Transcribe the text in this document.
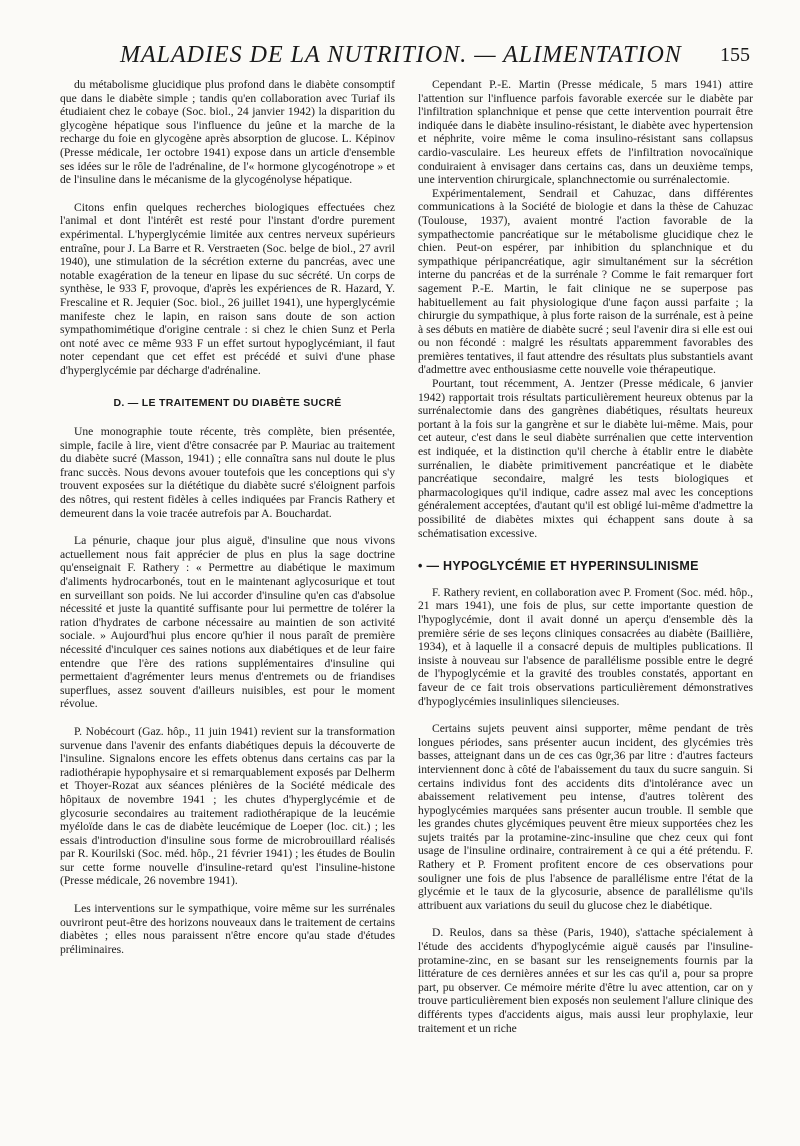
MALADIES DE LA NUTRITION. — ALIMENTATION 155

du métabolisme glucidique plus profond dans le diabète consomptif que dans le diabète simple ; tandis qu'en collaboration avec Turiaf ils étudiaient chez le cobaye (Soc. biol., 24 janvier 1942) la disparition du glycogène hépatique sous l'influence du jeûne et la marche de la recharge du foie en glycogène après absorption de glucose. L. Képinov (Presse médicale, 1er octobre 1941) expose dans un article d'ensemble ses idées sur le rôle de l'adrénaline, de l'« hormone glycogénotrope » et de l'insuline dans le mécanisme de la glycogénolyse hépatique.

Citons enfin quelques recherches biologiques effectuées chez l'animal et dont l'intérêt est resté pour l'instant d'ordre purement expérimental. L'hyperglycémie limitée aux centres nerveux supérieurs entraîne, pour J. La Barre et R. Verstraeten (Soc. belge de biol., 27 avril 1940), une stimulation de la sécrétion externe du pancréas, avec une notable exagération de la teneur en lipase du suc sécrété. Un corps de synthèse, le 933 F, provoque, d'après les expériences de R. Hazard, Y. Frescaline et R. Jequier (Soc. biol., 26 juillet 1941), une hyperglycémie manifeste chez le lapin, en raison sans doute de son action sympathomimétique d'origine centrale : si chez le chien Sunz et Perla ont noté avec ce même 933 F un effet surtout hypoglycémiant, il faut noter cependant que cet effet est précédé et suivi d'une phase d'hyperglycémie par décharge d'adrénaline.

D. — LE TRAITEMENT DU DIABÈTE SUCRÉ

Une monographie toute récente, très complète, bien présentée, simple, facile à lire, vient d'être consacrée par P. Mauriac au traitement du diabète sucré (Masson, 1941) ; elle connaîtra sans nul doute le plus franc succès. Nous devons avouer toutefois que les conceptions qui s'y trouvent exposées sur la diététique du diabète sucré s'éloignent parfois des nôtres, qui restent fidèles à celles indiquées par Francis Rathery et demeurent dans la voie tracée autrefois par A. Bouchardat.

La pénurie, chaque jour plus aiguë, d'insuline que nous vivons actuellement nous fait apprécier de plus en plus la sage doctrine qu'enseignait F. Rathery : « Permettre au diabétique le maximum d'aliments hydrocarbonés, tout en le maintenant aglycosurique et tout en surveillant son poids. Ne lui accorder d'insuline qu'en cas d'absolue nécessité et juste la quantité suffisante pour lui permettre de tolérer la ration d'hydrates de carbone nécessaire au maintien de son activité sociale. » Aujourd'hui plus encore qu'hier il nous paraît de première nécessité d'inculquer ces saines notions aux diabétiques et de leur faire entendre que l'ère des rations supplémentaires d'insuline qui permettaient d'agrémenter leurs menus d'entremets ou de friandises superflues, assez souvent d'ailleurs nuisibles, est pour le moment révolue.

P. Nobécourt (Gaz. hôp., 11 juin 1941) revient sur la transformation survenue dans l'avenir des enfants diabétiques depuis la découverte de l'insuline. Signalons encore les effets obtenus dans certains cas par la radiothérapie hypophysaire et si remarquablement exposés par Delherm et Thoyer-Rozat aux séances plénières de la Société médicale des hôpitaux de novembre 1941 ; les chutes d'hyperglycémie et de glycosurie secondaires au traitement radiothérapique de la leucémie myéloïde dans le cas de diabète leucémique de Loeper (loc. cit.) ; les essais d'introduction d'insuline sous forme de microbrouillard réalisés par R. Kourilski (Soc. méd. hôp., 21 février 1941) ; les études de Boulin sur cette forme nouvelle d'insuline-retard qu'est l'insuline-histone (Presse médicale, 26 novembre 1941).

Les interventions sur le sympathique, voire même sur les surrénales ouvriront peut-être des horizons nouveaux dans le traitement de certains diabètes ; elles nous paraissent n'être encore qu'au stade d'études préliminaires.

Cependant P.-E. Martin (Presse médicale, 5 mars 1941) attire l'attention sur l'influence parfois favorable exercée sur le diabète par l'infiltration splanchnique et pense que cette intervention pourrait être indiquée dans le diabète insulino-résistant, le diabète avec hypertension et néphrite, voire même le coma insulino-résistant sans collapsus cardio-vasculaire. Les heureux effets de l'infiltration novocaïnique conduiraient à envisager dans certains cas, dans un deuxième temps, une intervention chirurgicale, splanchnectomie ou surrénalectomie.

Expérimentalement, Sendrail et Cahuzac, dans différentes communications à la Société de biologie et dans la thèse de Cahuzac (Toulouse, 1937), avaient montré l'action favorable de la sympathectomie pancréatique sur le métabolisme glucidique chez le chien. Peut-on espérer, par inhibition du splanchnique et du sympathique péripancréatique, agir simultanément sur la sécrétion interne du pancréas et de la surrénale ? Comme le fait remarquer fort sagement P.-E. Martin, le fait clinique ne se superpose pas habituellement au fait physiologique d'une façon aussi parfaite ; la chirurgie du sympathique, à plus forte raison de la surrénale, est à peine à ses débuts en matière de diabète sucré ; seul l'avenir dira si elle est oui ou non fécondé : malgré les résultats apparemment favorables des premières tentatives, il faut attendre des résultats plus substantiels avant d'admettre avec enthousiasme cette nouvelle voie thérapeutique.

Pourtant, tout récemment, A. Jentzer (Presse médicale, 6 janvier 1942) rapportait trois résultats particulièrement heureux obtenus par la surrénalectomie dans des gangrènes diabétiques, résultats heureux portant à la fois sur la gangrène et sur le diabète lui-même. Mais, pour cet auteur, c'est dans le seul diabète surrénalien que cette intervention est indiquée, et la distinction qu'il cherche à établir entre le diabète surrénalien, le diabète primitivement pancréatique et le diabète pancréatique secondaire, malgré les tests biologiques et pharmacologiques qu'il indique, cadre assez mal avec les conceptions généralement acceptées, d'autant qu'il est obligé lui-même d'admettre la possibilité de diabètes mixtes qui échappent sans doute à sa schématisation excessive.

• — HYPOGLYCÉMIE ET HYPERINSULINISME

F. Rathery revient, en collaboration avec P. Froment (Soc. méd. hôp., 21 mars 1941), une fois de plus, sur cette importante question de l'hypoglycémie, dont il avait donné un aperçu d'ensemble dès la première série de ses leçons cliniques consacrées au diabète (Baillière, 1934), et à laquelle il a consacré depuis de multiples publications. Il insiste à nouveau sur l'absence de parallélisme possible entre le degré de l'hypoglycémie et la gravité des troubles constatés, apportant en faveur de ce fait trois observations particulièrement démonstratives d'hypoglycémies insulinliques silencieuses.

Certains sujets peuvent ainsi supporter, même pendant de très longues périodes, sans présenter aucun incident, des glycémies très basses, atteignant dans un de ces cas 0gr,36 par litre : d'autres facteurs interviennent donc à côté de l'abaissement du taux du sucre sanguin. Si certains individus font des accidents dits d'intolérance avec un abaissement relativement peu intense, d'autres tolèrent des hypoglycémies marquées sans présenter aucun trouble. Il semble que les grandes chutes glycémiques peuvent être mieux supportées chez les sujets traités par la protamine-zinc-insuline que chez ceux qui font usage de l'insuline ordinaire, contrairement à ce qui a été prétendu. F. Rathery et P. Froment profitent encore de ces observations pour souligner une fois de plus l'absence de parallélisme entre l'état de la glycémie et le taux de la glycosurie, absence de parallélisme qu'ils attribuent aux variations du seuil du glucose chez le diabétique.

D. Reulos, dans sa thèse (Paris, 1940), s'attache spécialement à l'étude des accidents d'hypoglycémie aiguë causés par l'insuline-protamine-zinc, en se basant sur les renseignements fournis par la littérature de ces dernières années et sur les cas qu'il a, pour sa propre part, pu observer. Ce mémoire mérite d'être lu avec attention, car on y trouve particulièrement bien exposés non seulement l'allure clinique des différents types d'accidents aigus, mais aussi leur prophylaxie, leur traitement et un riche
